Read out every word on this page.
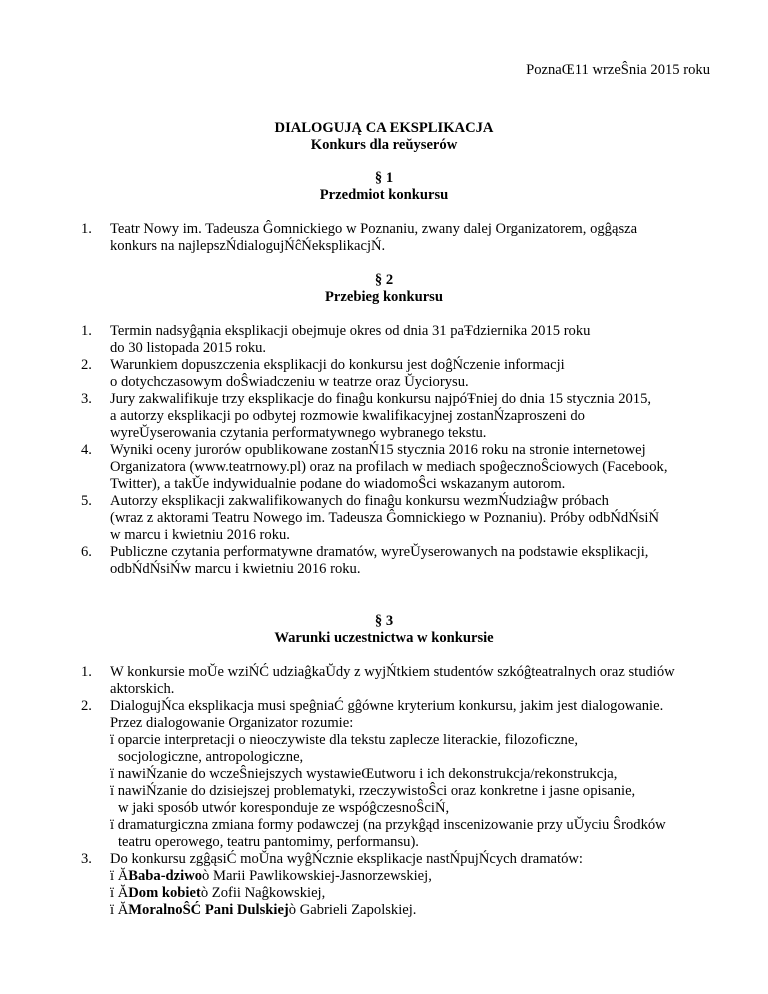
PoznaŒ11 wrzeŜnia 2015 roku
DIALOGUJĄ CA EKSPLIKACJA
Konkurs dla reŭyserów
§ 1
Przedmiot konkursu
1. Teatr Nowy im. Tadeusza Ĝomnickiego w Poznaniu, zwany dalej Organizatorem, ogĝąsza
konkurs na najlepszŃdialogujŃĉŃeksplikacjŃ.
§ 2
Przebieg konkursu
1. Termin nadsyĝąnia eksplikacji obejmuje okres od dnia 31 paŦdziernika 2015 roku
do 30 listopada 2015 roku.
2. Warunkiem dopuszczenia eksplikacji do konkursu jest doĝŃczenie informacji
o dotychczasowym doŜwiadczeniu w teatrze oraz Ŭyciorysu.
3. Jury zakwalifikuje trzy eksplikacje do finaĝu konkursu najpóŦniej do dnia 15 stycznia 2015,
a autorzy eksplikacji po odbytej rozmowie kwalifikacyjnej zostanŃzaproszeni do
wyreŬyserowania czytania performatywnego wybranego tekstu.
4. Wyniki oceny jurorów opublikowane zostanŃ15 stycznia 2016 roku na stronie internetowej
Organizatora (www.teatrnowy.pl) oraz na profilach w mediach spoĝecznoŜciowych (Facebook,
Twitter), a takŬe indywidualnie podane do wiadomoŜci wskazanym autorom.
5. Autorzy eksplikacji zakwalifikowanych do finaĝu konkursu wezmŃudziaĝw próbach
(wraz z aktorami Teatru Nowego im. Tadeusza Ĝomnickiego w Poznaniu). Próby odbŃdŃsiŃ
w marcu i kwietniu 2016 roku.
6. Publiczne czytania performatywne dramatów, wyreŬyserowanych na podstawie eksplikacji,
odbŃdŃsiŃw marcu i kwietniu 2016 roku.
§ 3
Warunki uczestnictwa w konkursie
1. W konkursie moŬe wziŃĆ udziaĝkaŬdy z wyjŃtkiem studentów szkóĝteatralnych oraz studiów
aktorskich.
2. DialogujŃca eksplikacja musi speĝniaĆ gĝówne kryterium konkursu, jakim jest dialogowanie.
Przez dialogowanie Organizator rozumie:
ï oparcie interpretacji o nieoczywiste dla tekstu zaplecze literackie, filozoficzne,
socjologiczne, antropologiczne,
ï nawiŃzanie do wczeŜniejszych wystawieŒutworu i ich dekonstrukcja/rekonstrukcja,
ï nawiŃzanie do dzisiejszej problematyki, rzeczywistoŜci oraz konkretne i jasne opisanie,
w jaki sposób utwór koresponduje ze wspóĝczesnoŜciŃ,
ï dramaturgiczna zmiana formy podawczej (na przykĝąd inscenizowanie przy uŬyciu Ŝrodków
teatru operowego, teatru pantomimy, performansu).
3. Do konkursu zgĝąsiĆ moŬna wyĝŃcznie eksplikacje nastŃpujŃcych dramatów:
ï ĂBaba-dziwoò Marii Pawlikowskiej-Jasnorzewskiej,
ï ĂDom kobietò Zofii Naĝkowskiej,
ï ĂMoralnoŜĆ Pani Dulskiejò Gabrieli Zapolskiej.
